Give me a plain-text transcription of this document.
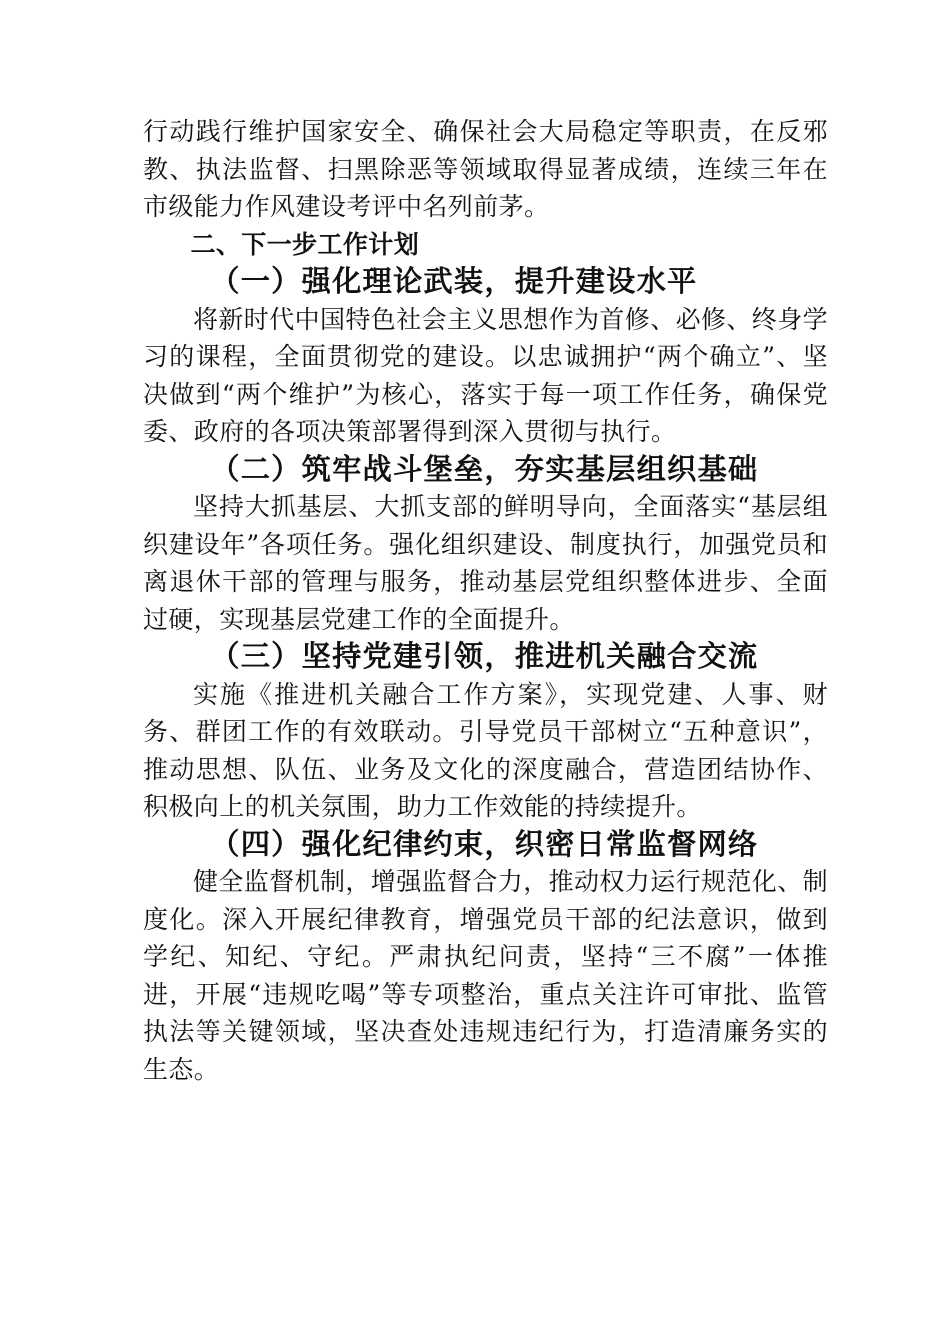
行动践行维护国家安全、确保社会大局稳定等职责，在反邪教、执法监督、扫黑除恶等领域取得显著成绩，连续三年在市级能力作风建设考评中名列前茅。

二、下一步工作计划
（一）强化理论武装，提升建设水平

将新时代中国特色社会主义思想作为首修、必修、终身学习的课程，全面贯彻党的建设。以忠诚拥护“两个确立”、坚决做到“两个维护”为核心，落实于每一项工作任务，确保党委、政府的各项决策部署得到深入贯彻与执行。

（二）筑牢战斗堡垒，夯实基层组织基础

坚持大抓基层、大抓支部的鲜明导向，全面落实“基层组织建设年”各项任务。强化组织建设、制度执行，加强党员和离退休干部的管理与服务，推动基层党组织整体进步、全面过硬，实现基层党建工作的全面提升。

（三）坚持党建引领，推进机关融合交流

实施《推进机关融合工作方案》，实现党建、人事、财务、群团工作的有效联动。引导党员干部树立“五种意识”，推动思想、队伍、业务及文化的深度融合，营造团结协作、积极向上的机关氛围，助力工作效能的持续提升。

（四）强化纪律约束，织密日常监督网络

健全监督机制，增强监督合力，推动权力运行规范化、制度化。深入开展纪律教育，增强党员干部的纪法意识，做到学纪、知纪、守纪。严肃执纪问责，坚持“三不腐”一体推进，开展“违规吃喝”等专项整治，重点关注许可审批、监管执法等关键领域，坚决查处违规违纪行为，打造清廉务实的生态。
